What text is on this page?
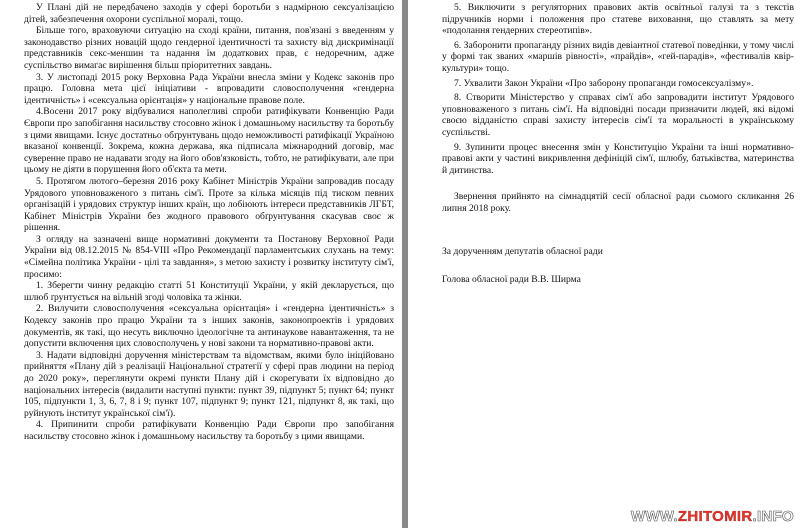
У Плані дій не передбачено заходів у сфері боротьби з надмірною сексуалізацією дітей, забезпечення охорони суспільної моралі, тощо.

Більше того, враховуючи ситуацію на сході країни, питання, пов'язані з введенням у законодавство різних новацій щодо гендерної ідентичності та захисту від дискримінації представників секс-меншин та надання їм додаткових прав, є недоречним, адже суспільство вимагає вирішення більш пріоритетних завдань.

3. У листопаді 2015 року Верховна Рада України внесла зміни у Кодекс законів про працю. Головна мета цієї ініціативи - впровадити словосполучення «гендерна ідентичність» і «сексуальна орієнтація» у національне правове поле.

4.Восени 2017 року відбувалися наполегливі спроби ратифікувати Конвенцію Ради Європи про запобігання насильству стосовно жінок і домашньому насильству та боротьбу з цими явищами. Існує достатньо обґрунтувань щодо неможливості ратифікації Україною вказаної конвенції. Зокрема, кожна держава, яка підписала міжнародний договір, має суверенне право не надавати згоду на його обов'язковість, тобто, не ратифікувати, але при цьому не діяти в порушення його об'єкта та мети.

5. Протягом лютого–березня 2016 року Кабінет Міністрів України запровадив посаду Урядового уповноваженого з питань сім'ї. Проте за кілька місяців під тиском певних організацій і урядових структур інших країн, що лобіюють інтереси представників ЛГБТ, Кабінет Міністрів України без жодного правового обґрунтування скасував своє ж рішення.

З огляду на зазначені вище нормативні документи та Постанову Верховної Ради України від 08.12.2015 № 854-VIII «Про Рекомендації парламентських слухань на тему: «Сімейна політика України - цілі та завдання», з метою захисту і розвитку інституту сім'ї, просимо:

1. Зберегти чинну редакцію статті 51 Конституції України, у якій декларується, що шлюб ґрунтується на вільній згоді чоловіка та жінки.

2. Вилучити словосполучення «сексуальна орієнтація» і «гендерна ідентичність» з Кодексу законів про працю України та з інших законів, законопроектів і урядових документів, як такі, що несуть виключно ідеологічне та антинаукове навантаження, та не допустити включення цих словосполучень у нові закони та нормативно-правові акти.

3. Надати відповідні доручення міністерствам та відомствам, якими було ініційовано прийняття «Плану дій з реалізації Національної стратегії у сфері прав людини на період до 2020 року», переглянути окремі пункти Плану дій і скорегувати їх відповідно до національних інтересів (видалити наступні пункти: пункт 39, підпункт 5; пункт 64; пункт 105, підпункти 1, 3, 6, 7, 8 і 9; пункт 107, підпункт 9; пункт 121, підпункт 8, як такі, що руйнують інститут української сім'ї).

4. Припинити спроби ратифікувати Конвенцію Ради Європи про запобігання насильству стосовно жінок і домашньому насильству та боротьбу з цими явищами.

5. Виключити з регуляторних правових актів освітньої галузі та з текстів підручників норми і положення про статеве виховання, що ставлять за мету «подолання гендерних стереотипів».

6. Заборонити пропаганду різних видів девіантної статевої поведінки, у тому числі у формі так званих «маршів рівності», «прайдів», «гей-парадів», «фестивалів квір-культури» тощо.

7. Ухвалити Закон України «Про заборону пропаганди гомосексуалізму».

8. Створити Міністерство у справах сім'ї або запровадити інститут Урядового уповноваженого з питань сім'ї. На відповідні посади призначити людей, які відомі своєю відданістю справі захисту інтересів сім'ї та моральності в українському суспільстві.

9. Зупинити процес внесення змін у Конституцію України та інші нормативно-правові акти у частині викривлення дефініцій сім'ї, шлюбу, батьківства, материнства й дитинства.

Звернення прийнято на сімнадцятій сесії обласної ради сьомого скликання 26 липня 2018 року.

За дорученням депутатів обласної ради

Голова обласної ради В.В. Ширма

WWW.ZHITOMIR.INFO
